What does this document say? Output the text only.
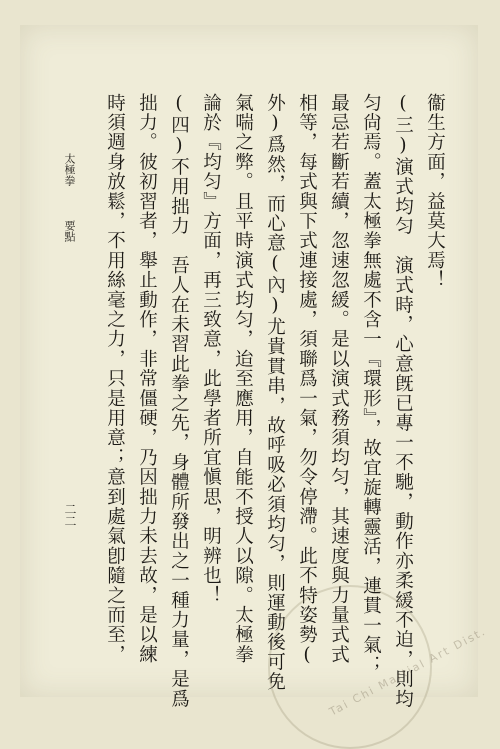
衞生方面，益莫大焉！
(三)演式均匀　演式時，心意旣已專一不馳，動作亦柔緩不迫，則均
匀尙焉。蓋太極拳無處不含一『環形』，故宜旋轉靈活，連貫一氣；
最忌若斷若續，忽速忽緩。是以演式務須均匀，其速度與力量式式
相等，每式與下式連接處，須聯爲一氣，勿令停滯。此不特姿勢(
外)爲然，而心意(內)尤貴貫串，故呼吸必須均匀，則運動後可免
氣喘之弊。且平時演式均匀，迨至應用，自能不授人以隙。太極拳
論於『均匀』方面，再三致意，此學者所宜愼思，明辨也！
(四)不用拙力　吾人在未習此拳之先，身體所發出之一種力量，是爲
拙力。彼初習者，舉止動作，非常僵硬，乃因拙力未去故，是以練
時須週身放鬆，不用絲毫之力，只是用意；意到處氣卽隨之而至，
太極拳要點
二二
Tai Chi Martial Art Dist.
